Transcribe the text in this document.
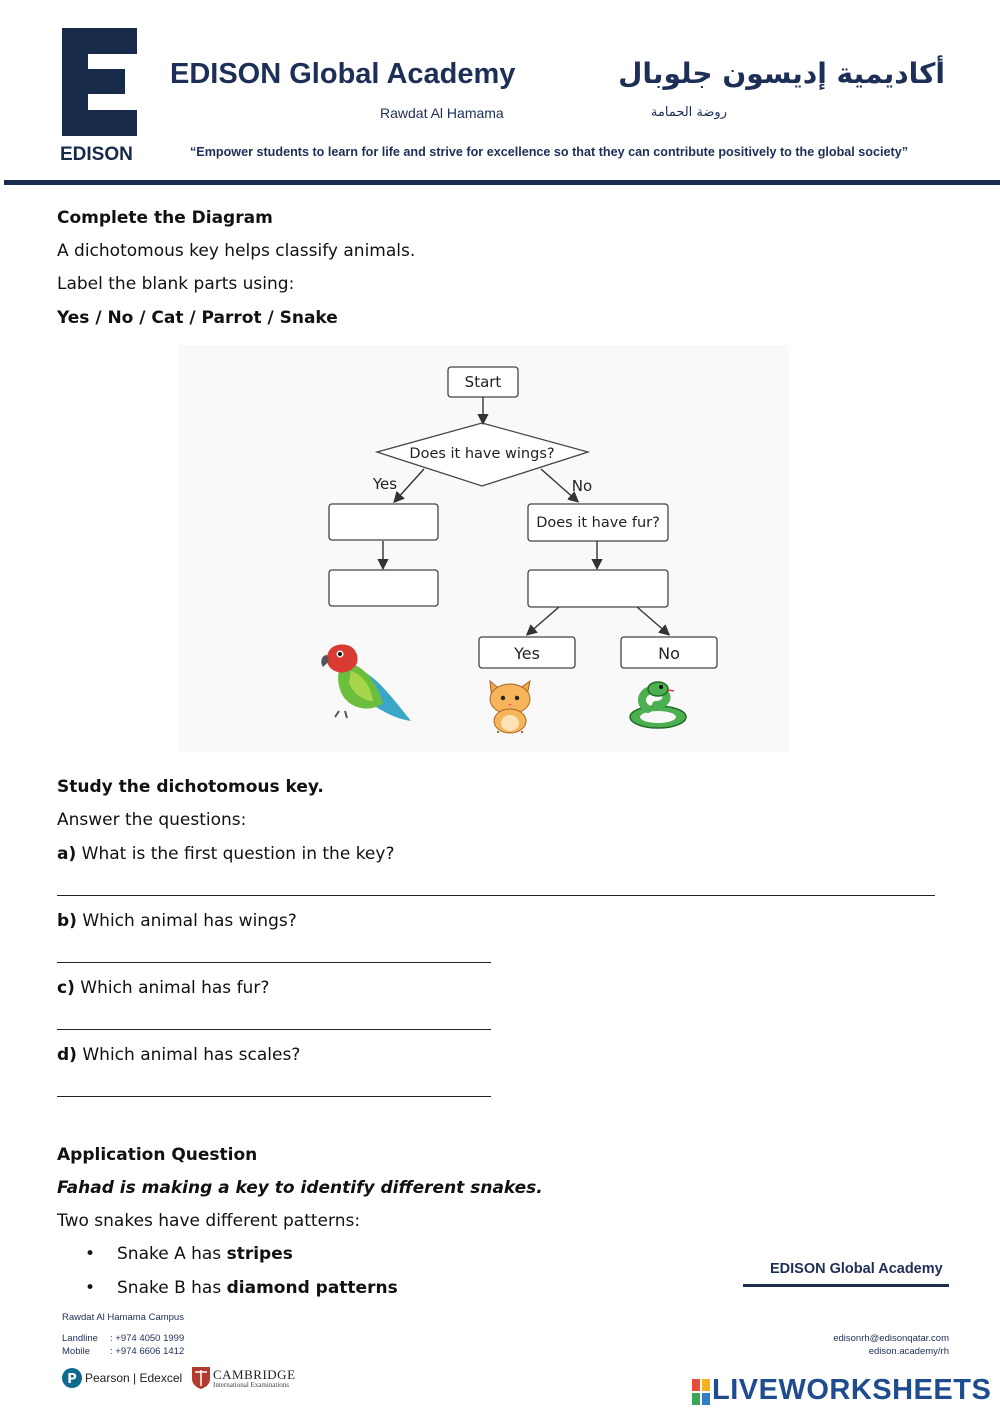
EDISON
EDISON Global Academy
Rawdat Al Hamama
أكاديمية إديسون جلوبال
روضة الحمامة
“Empower students to learn for life and strive for excellence so that they can contribute positively to the global society”
Complete the Diagram
A dichotomous key helps classify animals.
Label the blank parts using:
Yes / No / Cat / Parrot / Snake
Start
Does it have wings?
Yes	No
Does it have fur?
Yes	No
Study the dichotomous key.
Answer the questions:
a) What is the first question in the key?
b) Which animal has wings?
c) Which animal has fur?
d) Which animal has scales?
Application Question
Fahad is making a key to identify different snakes.
Two snakes have different patterns:
• Snake A has stripes
• Snake B has diamond patterns
EDISON Global Academy
Rawdat Al Hamama Campus
Landline : +974 4050 1999
Mobile : +974 6606 1412
edisonrh@edisonqatar.com
edison.academy/rh
P Pearson | Edexcel CAMBRIDGE
International Examinations	LIVEWORKSHEETS
